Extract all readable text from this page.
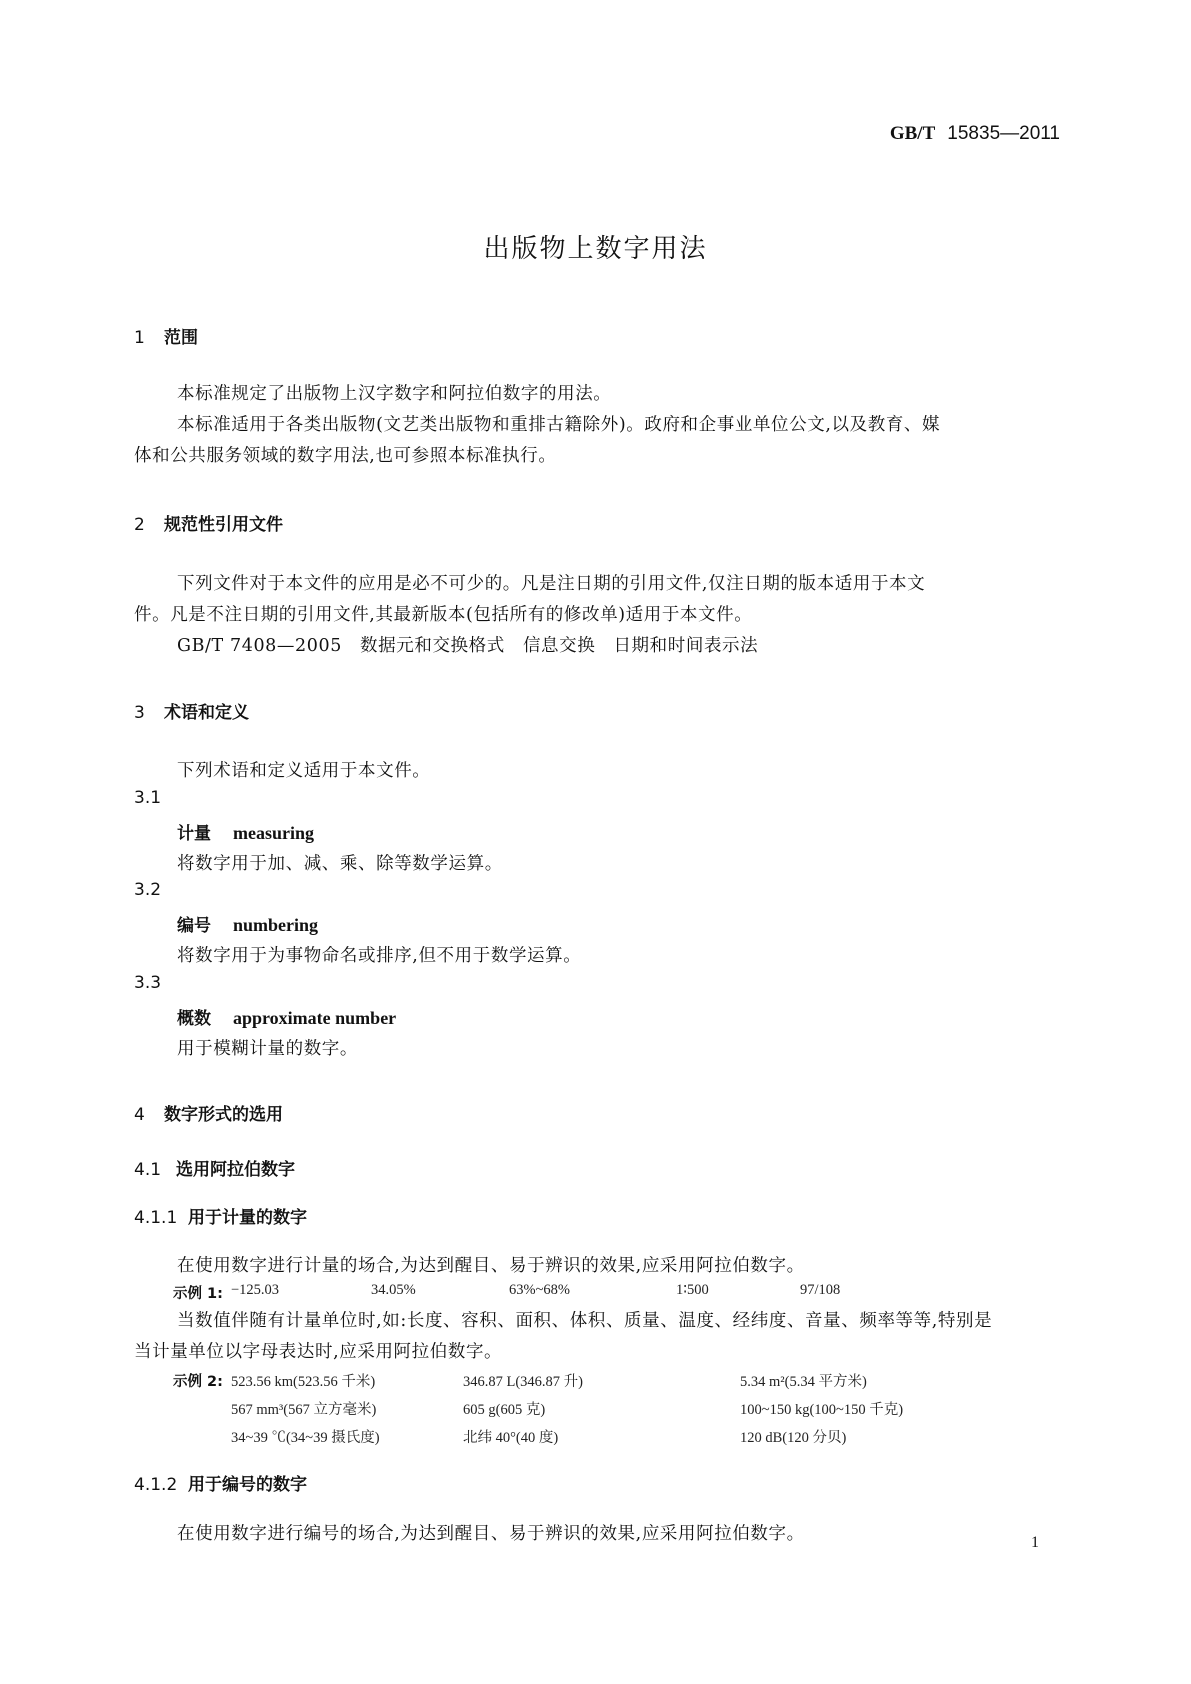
GB/T 15835—2011
出版物上数字用法
1 范围
本标准规定了出版物上汉字数字和阿拉伯数字的用法。
本标准适用于各类出版物(文艺类出版物和重排古籍除外)。政府和企事业单位公文,以及教育、媒
体和公共服务领域的数字用法,也可参照本标准执行。
2 规范性引用文件
下列文件对于本文件的应用是必不可少的。凡是注日期的引用文件,仅注日期的版本适用于本文
件。凡是不注日期的引用文件,其最新版本(包括所有的修改单)适用于本文件。
GB/T 7408—2005　数据元和交换格式　信息交换　日期和时间表示法
3 术语和定义
下列术语和定义适用于本文件。
3.1
计量 measuring
将数字用于加、减、乘、除等数学运算。
3.2
编号 numbering
将数字用于为事物命名或排序,但不用于数学运算。
3.3
概数 approximate number
用于模糊计量的数字。
4 数字形式的选用
4.1 选用阿拉伯数字
4.1.1 用于计量的数字
在使用数字进行计量的场合,为达到醒目、易于辨识的效果,应采用阿拉伯数字。
示例 1: −125.03	34.05%	63%~68%	1∶500	97/108
当数值伴随有计量单位时,如:长度、容积、面积、体积、质量、温度、经纬度、音量、频率等等,特别是
当计量单位以字母表达时,应采用阿拉伯数字。
示例 2: 523.56 km(523.56 千米)	346.87 L(346.87 升)	5.34 m²(5.34 平方米)
567 mm³(567 立方毫米)	605 g(605 克)	100~150 kg(100~150 千克)
34~39 ℃(34~39 摄氏度)	北纬 40°(40 度)	120 dB(120 分贝)
4.1.2 用于编号的数字
在使用数字进行编号的场合,为达到醒目、易于辨识的效果,应采用阿拉伯数字。	1
